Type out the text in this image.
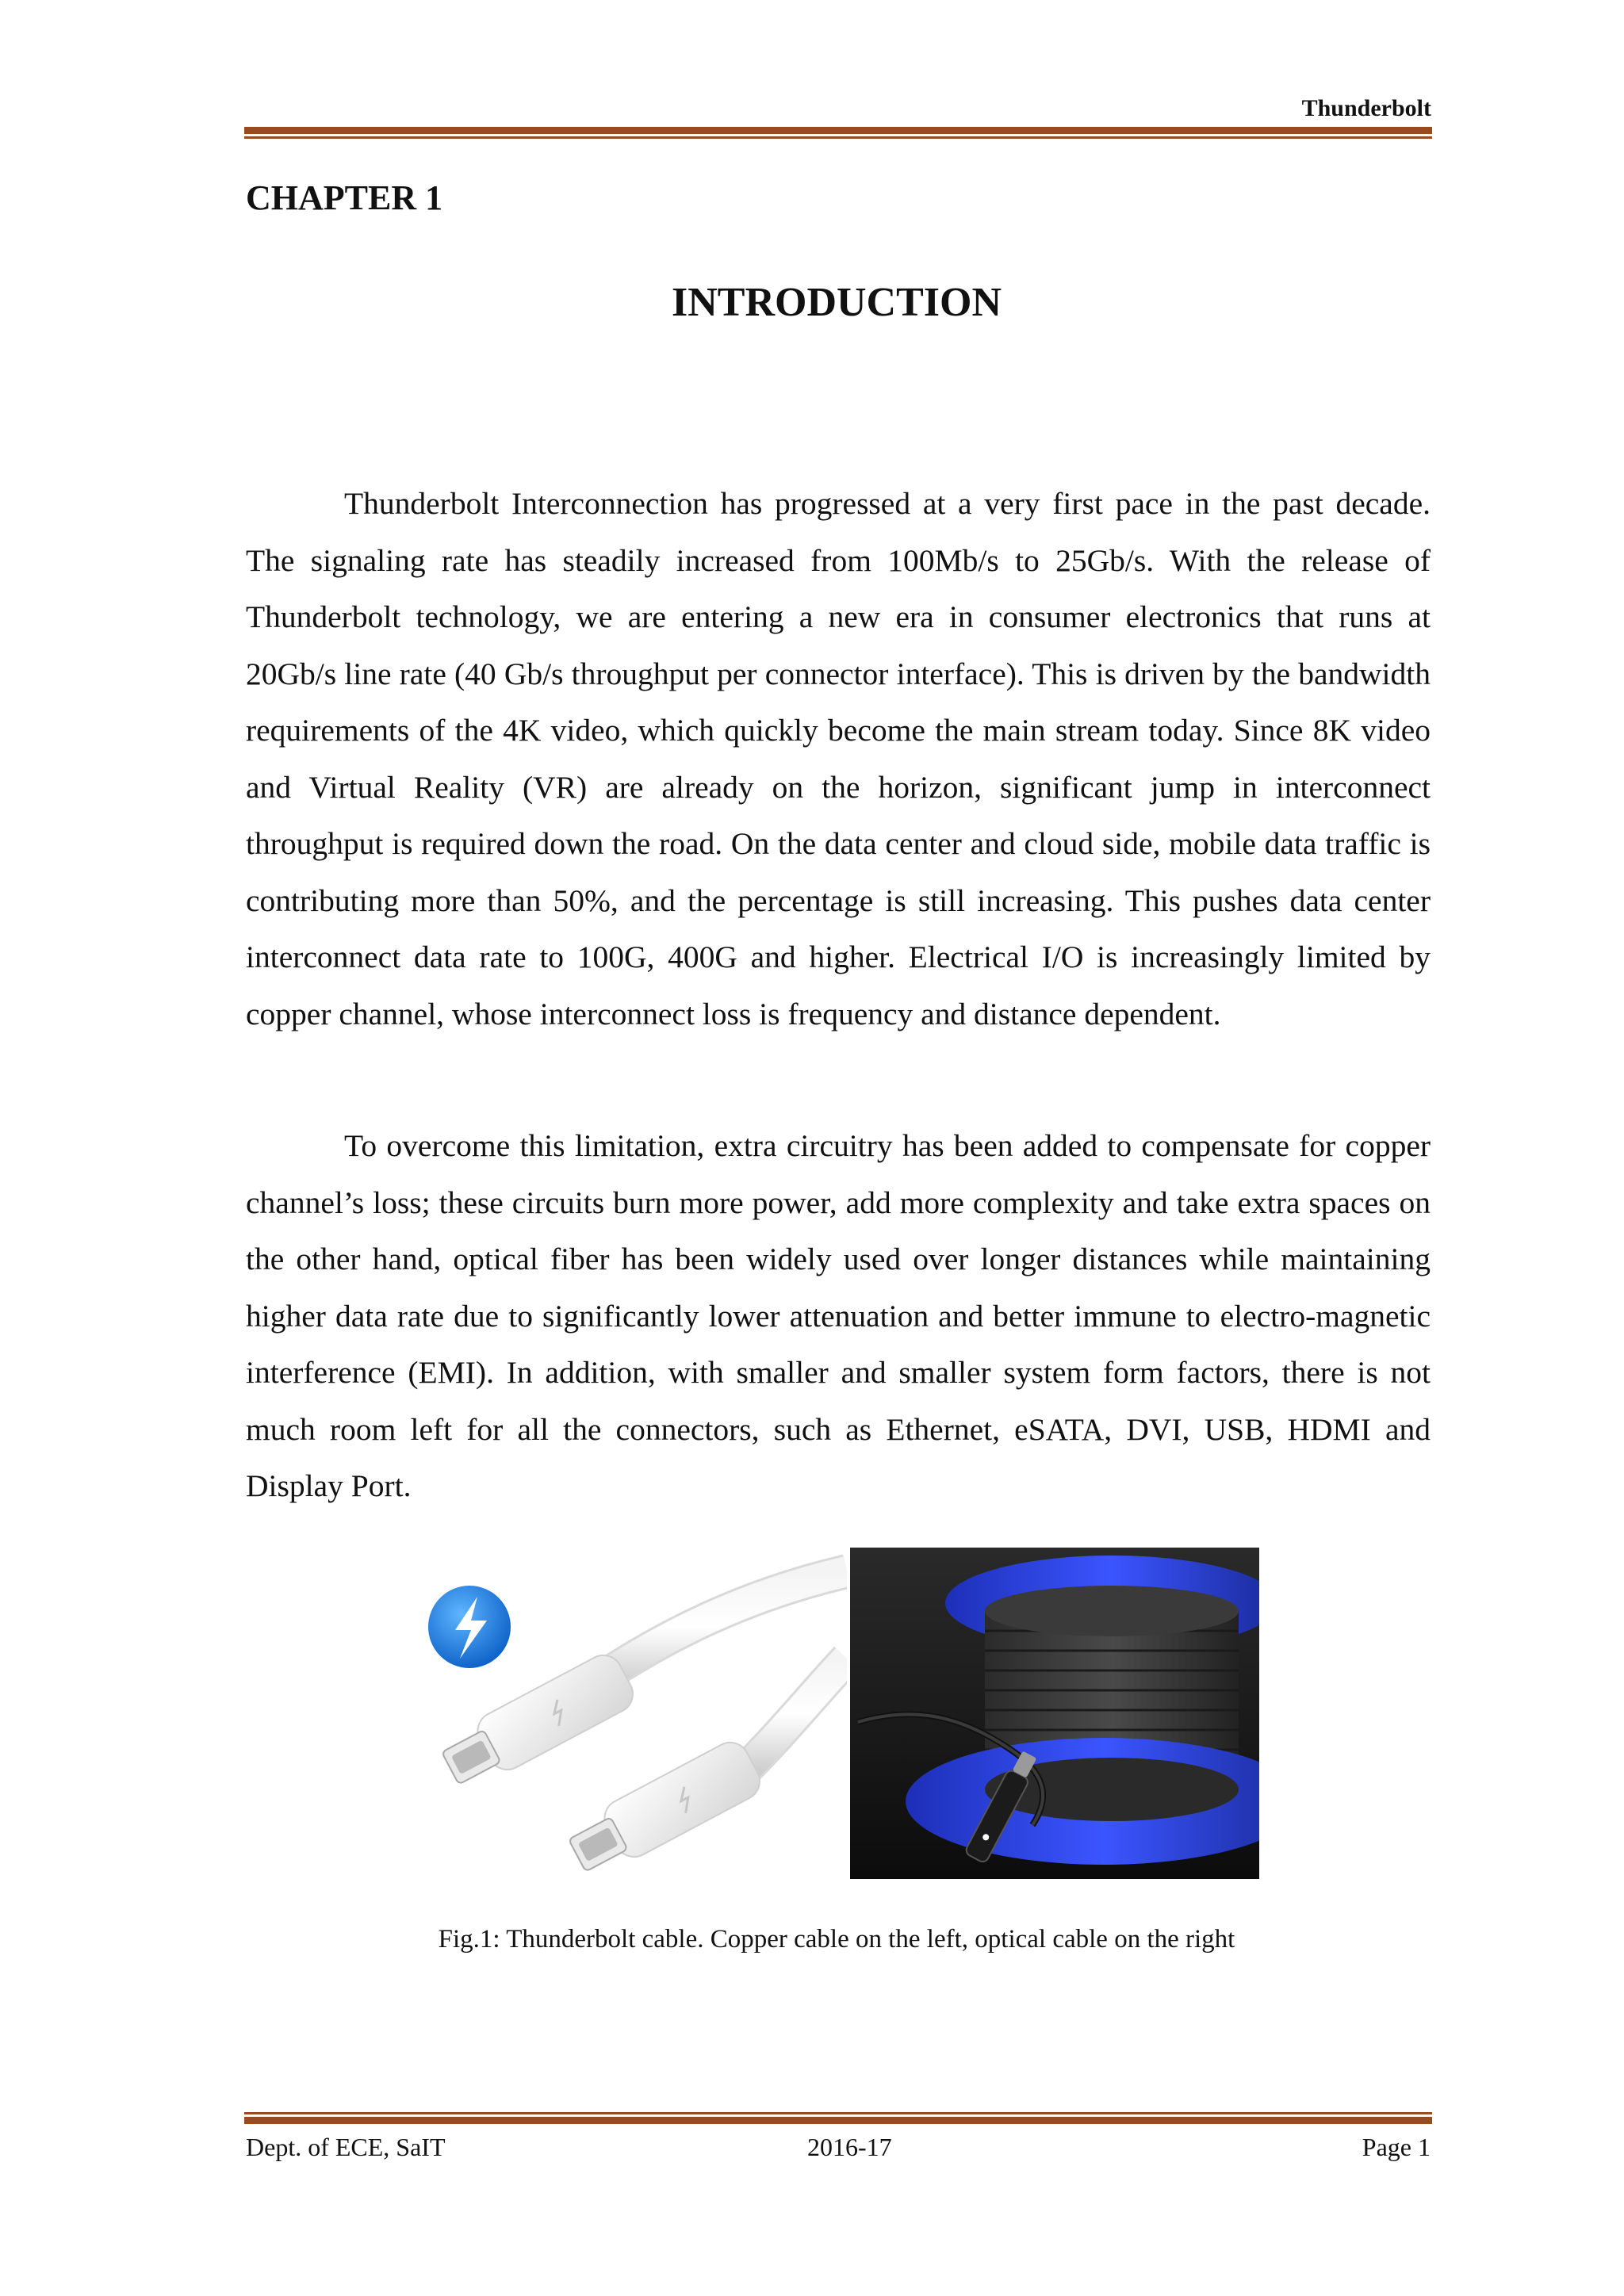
Thunderbolt
CHAPTER 1
INTRODUCTION

Thunderbolt Interconnection has progressed at a very first pace in the past decade. The signaling rate has steadily increased from 100Mb/s to 25Gb/s. With the release of Thunderbolt technology, we are entering a new era in consumer electronics that runs at 20Gb/s line rate (40 Gb/s throughput per connector interface). This is driven by the bandwidth requirements of the 4K video, which quickly become the main stream today. Since 8K video and Virtual Reality (VR) are already on the horizon, significant jump in interconnect throughput is required down the road. On the data center and cloud side, mobile data traffic is contributing more than 50%, and the percentage is still increasing. This pushes data center interconnect data rate to 100G, 400G and higher. Electrical I/O is increasingly limited by copper channel, whose interconnect loss is frequency and distance dependent.

To overcome this limitation, extra circuitry has been added to compensate for copper channel’s loss; these circuits burn more power, add more complexity and take extra spaces on the other hand, optical fiber has been widely used over longer distances while maintaining higher data rate due to significantly lower attenuation and better immune to electro-magnetic interference (EMI). In addition, with smaller and smaller system form factors, there is not much room left for all the connectors, such as Ethernet, eSATA, DVI, USB, HDMI and Display Port.

Fig.1: Thunderbolt cable. Copper cable on the left, optical cable on the right
Dept. of ECE, SaIT	2016-17	Page 1
